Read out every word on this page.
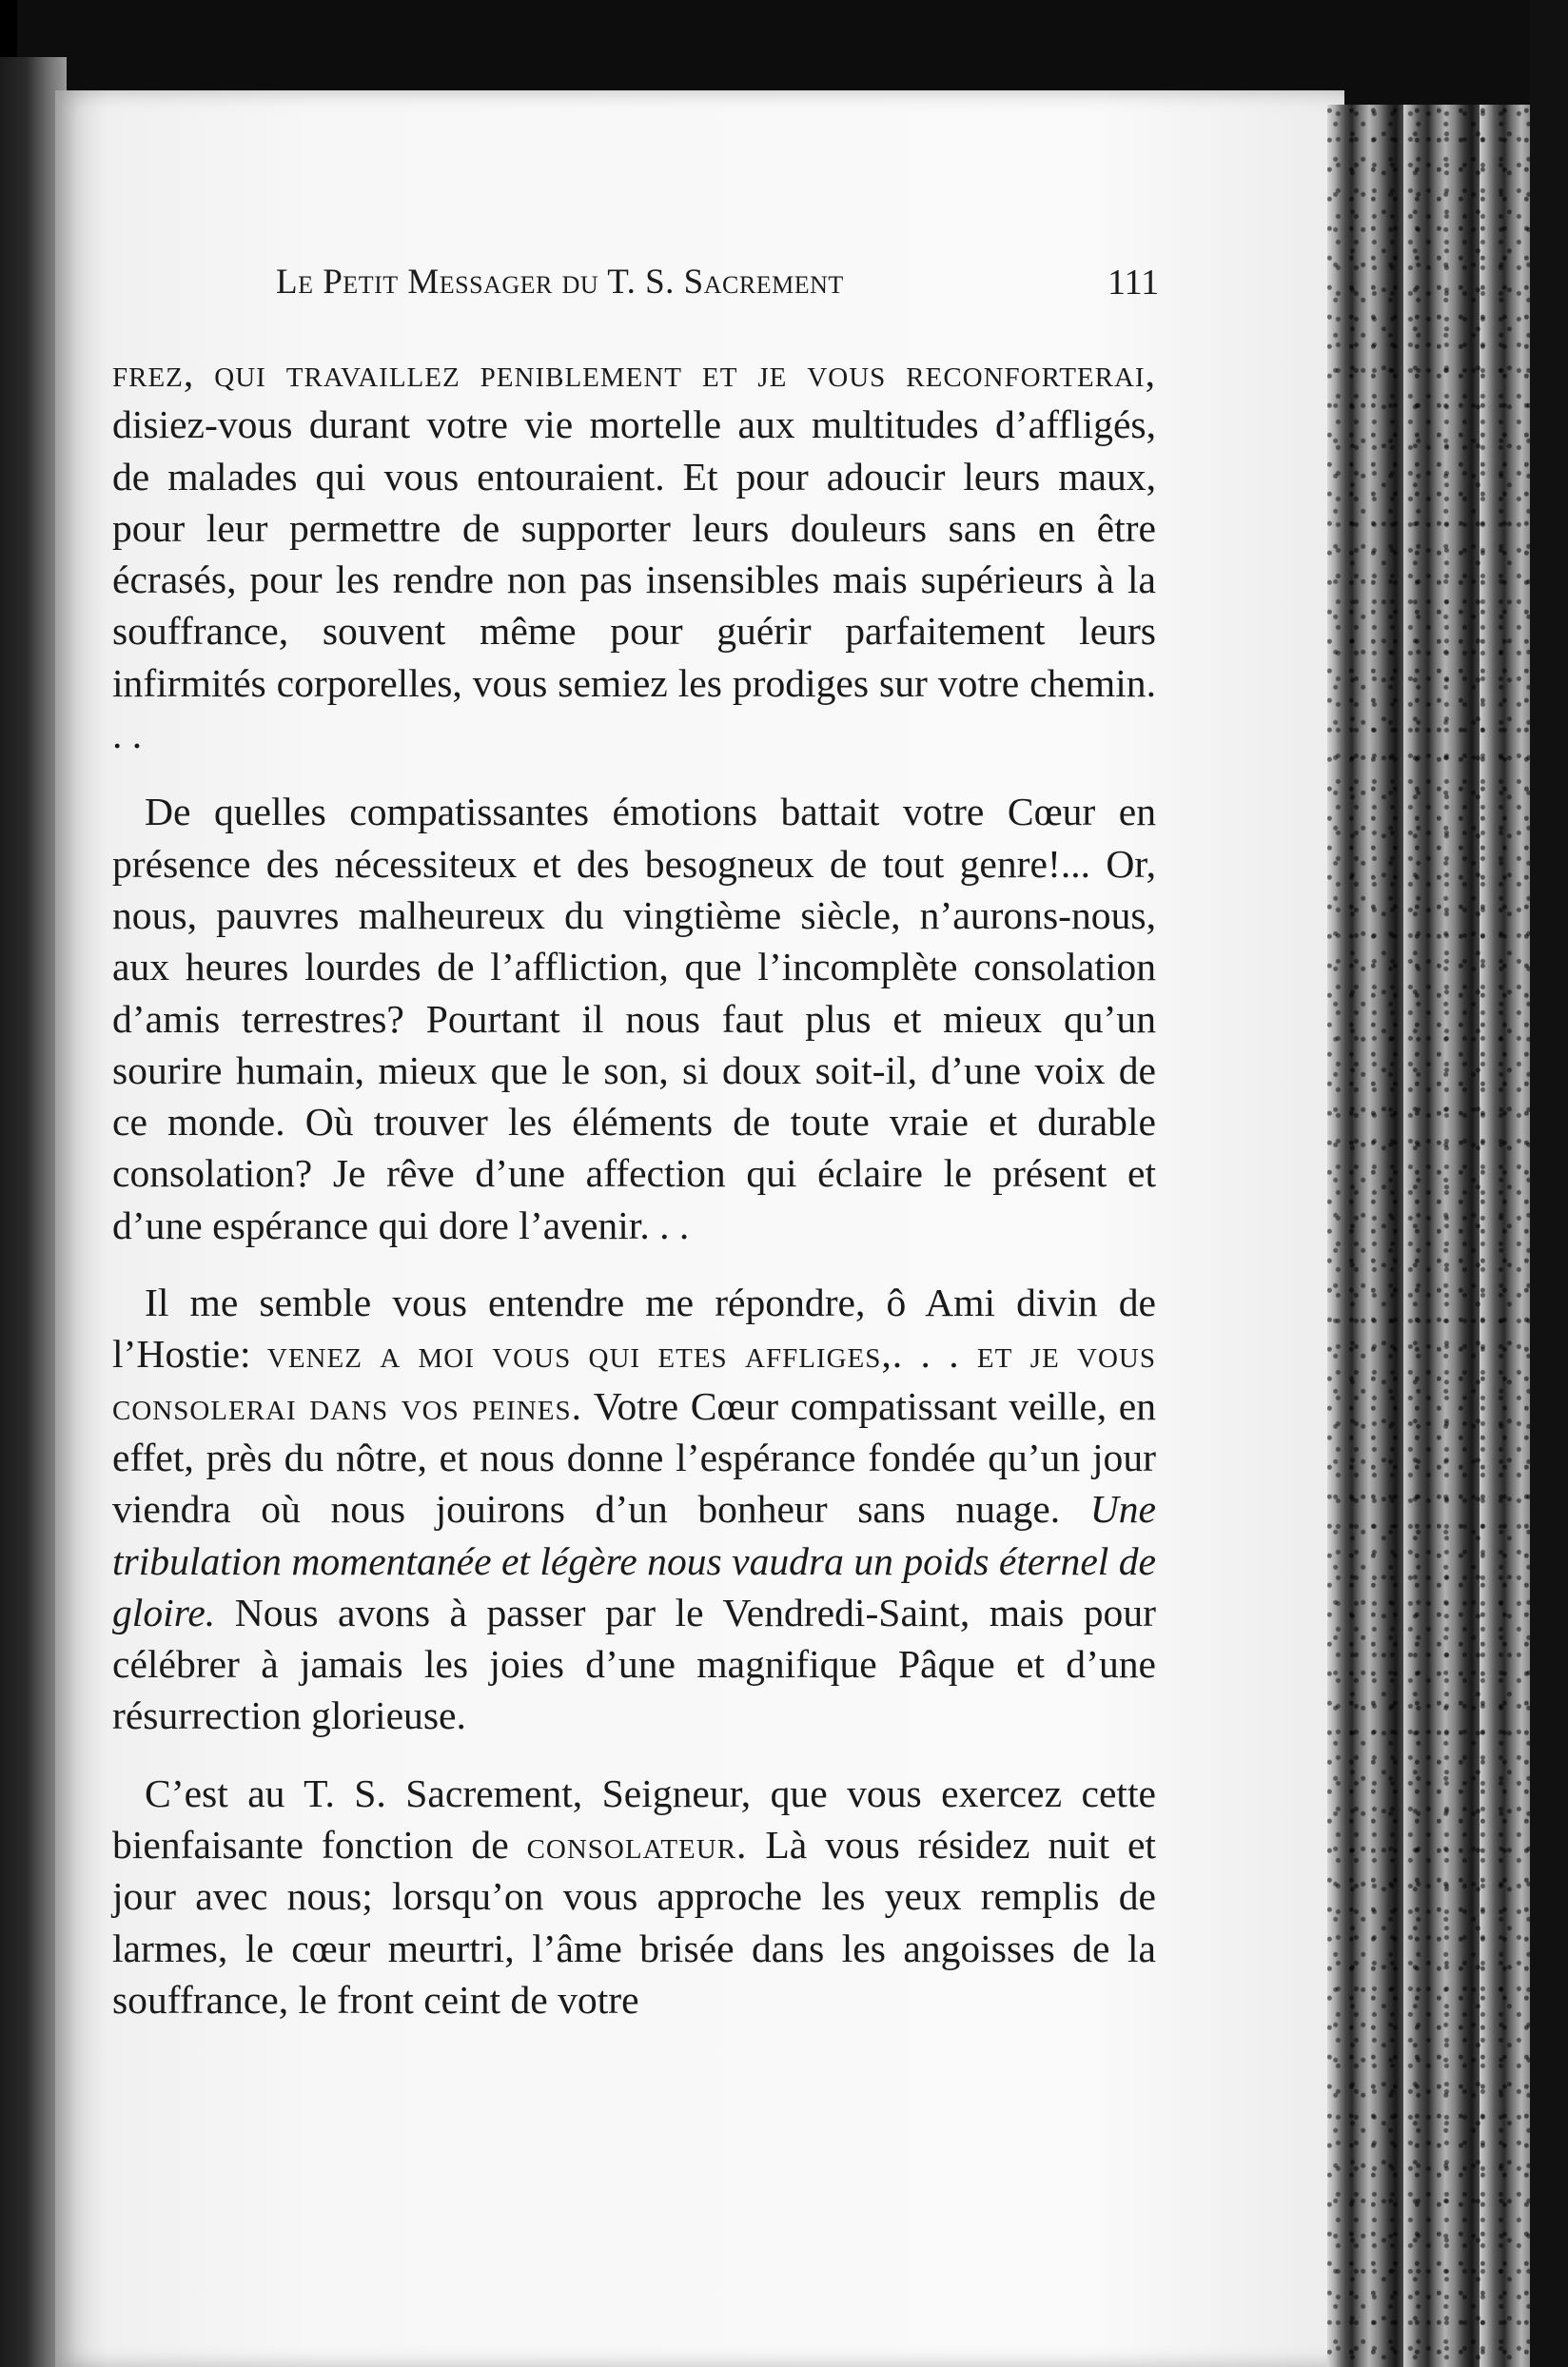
Le Petit Messager du T. S. Sacrement	111

frez, qui travaillez peniblement et je vous reconforterai, disiez-vous durant votre vie mortelle aux multitudes d’affligés, de malades qui vous entouraient. Et pour adoucir leurs maux, pour leur permettre de supporter leurs douleurs sans en être écrasés, pour les rendre non pas insensibles mais supérieurs à la souffrance, souvent même pour guérir parfaitement leurs infirmités corporelles, vous semiez les prodiges sur votre chemin. . .

De quelles compatissantes émotions battait votre Cœur en présence des nécessiteux et des besogneux de tout genre!... Or, nous, pauvres malheureux du vingtième siècle, n’aurons-nous, aux heures lourdes de l’affliction, que l’incomplète consolation d’amis terrestres? Pourtant il nous faut plus et mieux qu’un sourire humain, mieux que le son, si doux soit-il, d’une voix de ce monde. Où trouver les éléments de toute vraie et durable consolation? Je rêve d’une affection qui éclaire le présent et d’une espérance qui dore l’avenir. . .

Il me semble vous entendre me répondre, ô Ami divin de l’Hostie: venez a moi vous qui etes affliges,. . . et je vous consolerai dans vos peines. Votre Cœur compatissant veille, en effet, près du nôtre, et nous donne l’espérance fondée qu’un jour viendra où nous jouirons d’un bonheur sans nuage. Une tribulation momentanée et légère nous vaudra un poids éternel de gloire. Nous avons à passer par le Vendredi-Saint, mais pour célébrer à jamais les joies d’une magnifique Pâque et d’une résurrection glorieuse.

C’est au T. S. Sacrement, Seigneur, que vous exercez cette bienfaisante fonction de consolateur. Là vous résidez nuit et jour avec nous; lorsqu’on vous approche les yeux remplis de larmes, le cœur meurtri, l’âme brisée dans les angoisses de la souffrance, le front ceint de votre
